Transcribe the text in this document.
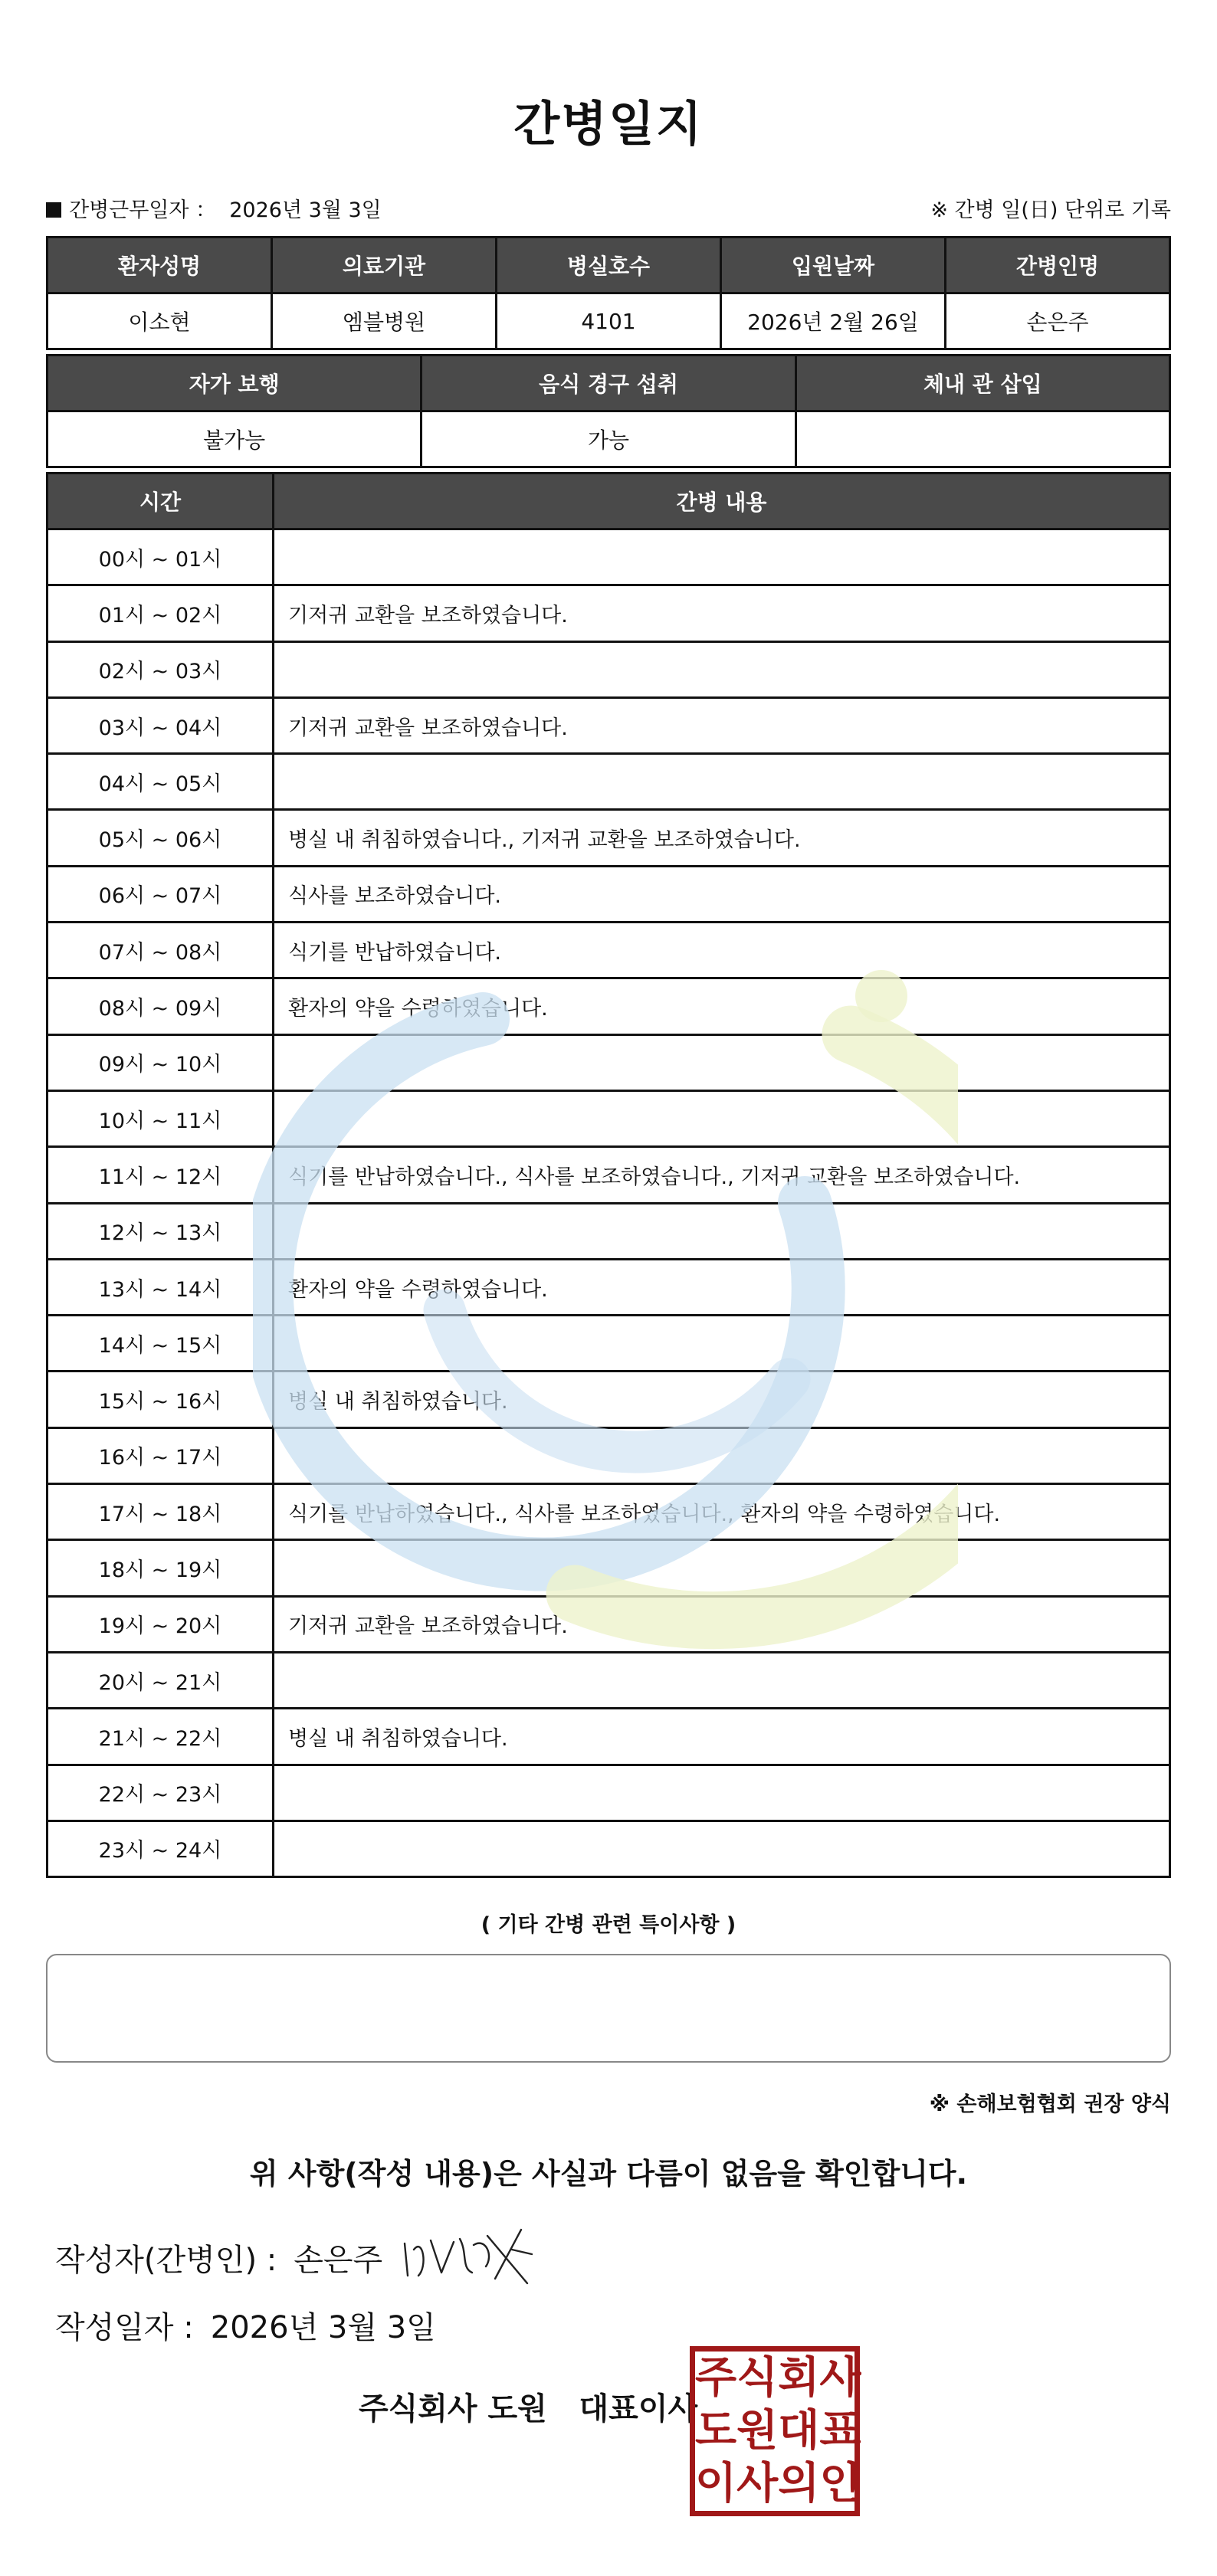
간병일지
간병근무일자 ： 2026년 3월 3일	※ 간병 일(日) 단위로 기록
환자성명	의료기관	병실호수	입원날짜	간병인명
이소현	엠블병원	4101	2026년 2월 26일	손은주
자가 보행	음식 경구 섭취	체내 관 삽입
불가능	가능	
시간	간병 내용
00시 ~ 01시	
01시 ~ 02시	기저귀 교환을 보조하였습니다.
02시 ~ 03시	
03시 ~ 04시	기저귀 교환을 보조하였습니다.
04시 ~ 05시	
05시 ~ 06시	병실 내 취침하였습니다., 기저귀 교환을 보조하였습니다.
06시 ~ 07시	식사를 보조하였습니다.
07시 ~ 08시	식기를 반납하였습니다.
08시 ~ 09시	환자의 약을 수령하였습니다.
09시 ~ 10시	
10시 ~ 11시	
11시 ~ 12시	식기를 반납하였습니다., 식사를 보조하였습니다., 기저귀 교환을 보조하였습니다.
12시 ~ 13시	
13시 ~ 14시	환자의 약을 수령하였습니다.
14시 ~ 15시	
15시 ~ 16시	병실 내 취침하였습니다.
16시 ~ 17시	
17시 ~ 18시	식기를 반납하였습니다., 식사를 보조하였습니다., 환자의 약을 수령하였습니다.
18시 ~ 19시	
19시 ~ 20시	기저귀 교환을 보조하였습니다.
20시 ~ 21시	
21시 ~ 22시	병실 내 취침하였습니다.
22시 ~ 23시	
23시 ~ 24시	
( 기타 간병 관련 특이사항 )
※ 손해보험협회 권장 양식
위 사항(작성 내용)은 사실과 다름이 없음을 확인합니다.
작성자(간병인) : 손은주
작성일자 : 2026년 3월 3일
주식회사 도원   대표이사
주 식 회 사
도 원 대 표
이 사 의 인
